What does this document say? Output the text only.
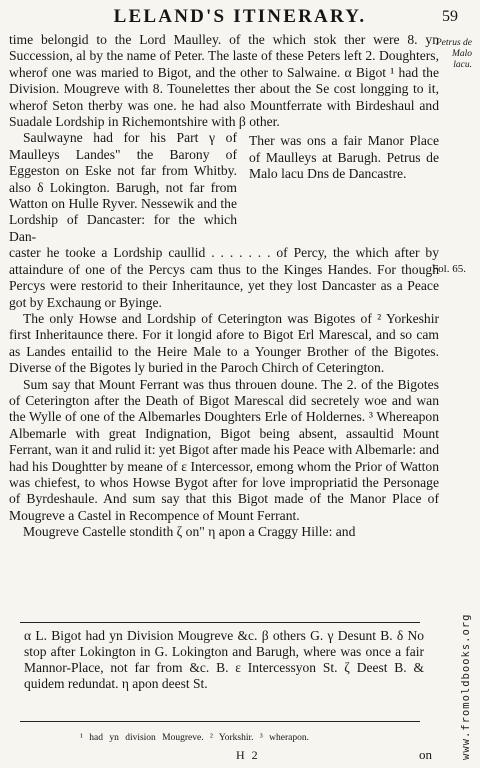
LELAND'S ITINERARY.	59
Petrus de Malo lacu.
Fol. 65.

time belongid to the Lord Maulley. of the which stok ther were 8. yn Succession, al by the name of Peter. The laste of these Peters left 2. Doughters, wherof one was maried to Bigot, and the other to Salwaine. α Bigot ¹ had the Division. Mougreve with 8. Tounelettes ther about the Se cost longging to it, wherof Seton therby was one. he had also Mountferrate with Birdeshaul and Suadale Lordship in Richemontshire with β other.

Saulwayne had for his Part γ of Maulleys Landes" the Barony of Eggeston on Eske not far from Whitby. also δ Lokington. Barugh, not far from Watton on Hulle Ryver. Nessewik and the Lordship of Dancaster: for the which Dan-

Ther was ons a fair Manor Place of Maulleys at Barugh. Petrus de Malo lacu Dns de Dancastre.

caster he tooke a Lordship caullid . . . . . . . of Percy, the which after by attaindure of one of the Percys cam thus to the Kinges Handes. For though Percys were restorid to their Inheritaunce, yet they lost Dancaster as a Peace got by Exchaung or Byinge.

The only Howse and Lordship of Ceterington was Bigotes of ² Yorkeshir first Inheritaunce there. For it longid afore to Bigot Erl Marescal, and so cam as Landes entailid to the Heire Male to a Younger Brother of the Bigotes. Diverse of the Bigotes ly buried in the Paroch Chirch of Ceterington.

Sum say that Mount Ferrant was thus throuen doune. The 2. of the Bigotes of Ceterington after the Death of Bigot Marescal did secretely woe and wan the Wylle of one of the Albemarles Doughters Erle of Holdernes. ³ Whereapon Albemarle with great Indignation, Bigot being absent, assaultid Mount Ferrant, wan it and rulid it: yet Bigot after made his Peace with Albemarle: and had his Doughtter by meane of ε Intercessor, emong whom the Prior of Watton was chiefest, to whos Howse Bygot after for love impropriatid the Personage of Byrdeshaule. And sum say that this Bigot made of the Manor Place of Mougreve a Castel in Recompence of Mount Ferrant.

Mougreve Castelle stondith ζ on" η apon a Craggy Hille: and

α L. Bigot had yn Division Mougreve &c. β others G. γ Desunt B. δ No stop after Lokington in G. Lokington and Barugh, where was once a fair Mannor-Place, not far from &c. B. ε Intercessyon St. ζ Deest B. & quidem redundat. η apon deest St.

¹ had yn division Mougreve. ² Yorkshir. ³ wherapon.
H 2	on	www.fromoldbooks.org
